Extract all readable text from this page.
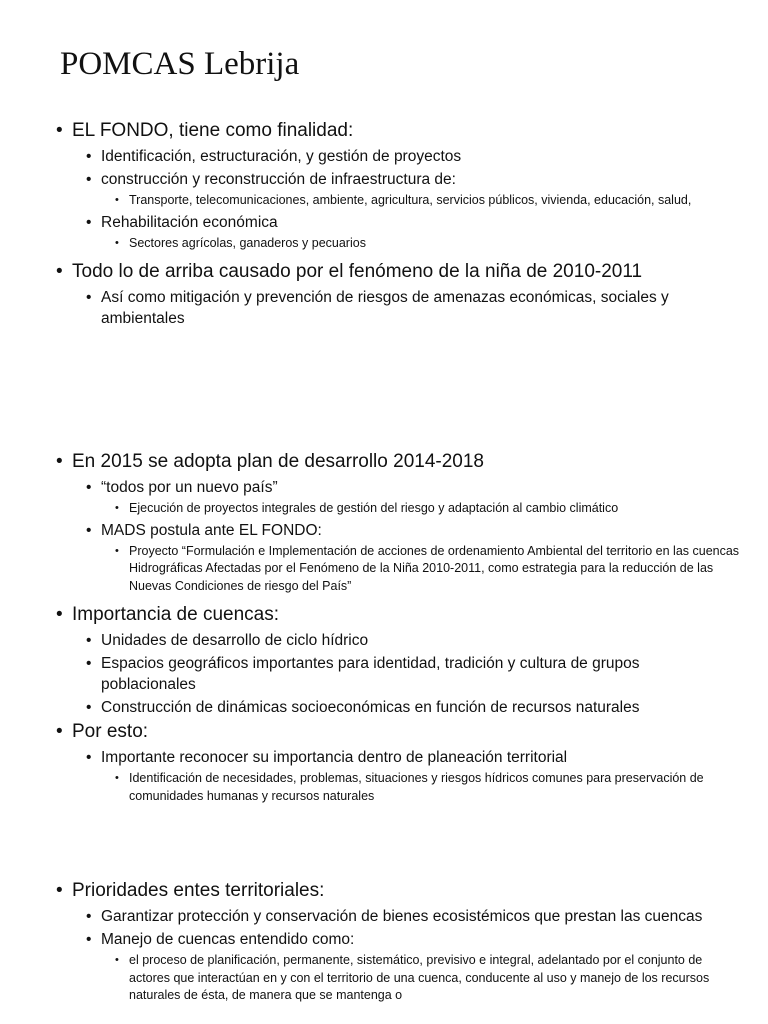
POMCAS Lebrija
• EL FONDO, tiene como finalidad:
• Identificación, estructuración, y gestión de proyectos
• construcción y reconstrucción de infraestructura de:
• Transporte, telecomunicaciones, ambiente, agricultura, servicios públicos, vivienda, educación, salud,
• Rehabilitación económica
• Sectores agrícolas, ganaderos y pecuarios
• Todo lo de arriba causado por el fenómeno de la niña de 2010-2011
• Así como mitigación y prevención de riesgos de amenazas económicas, sociales y ambientales
• En 2015 se adopta plan de desarrollo 2014-2018
• “todos por un nuevo país”
• Ejecución de proyectos integrales de gestión del riesgo y adaptación al cambio climático
• MADS postula ante EL FONDO:
• Proyecto “Formulación e Implementación de acciones de ordenamiento Ambiental del territorio en las cuencas Hidrográficas Afectadas por el Fenómeno de la Niña 2010-2011, como estrategia para la reducción de las Nuevas Condiciones de riesgo del País”
• Importancia de cuencas:
• Unidades de desarrollo de ciclo hídrico
• Espacios geográficos importantes para identidad, tradición y cultura de grupos poblacionales
• Construcción de dinámicas socioeconómicas en función de recursos naturales
• Por esto:
• Importante reconocer su importancia dentro de planeación territorial
• Identificación de necesidades, problemas, situaciones y riesgos hídricos comunes para preservación de comunidades humanas y recursos naturales
• Prioridades entes territoriales:
• Garantizar protección y conservación de bienes ecosistémicos que prestan las cuencas
• Manejo de cuencas entendido como:
• el proceso de planificación, permanente, sistemático, previsivo e integral, adelantado por el conjunto de actores que interactúan en y con el territorio de una cuenca, conducente al uso y manejo de los recursos naturales de ésta, de manera que se mantenga o
